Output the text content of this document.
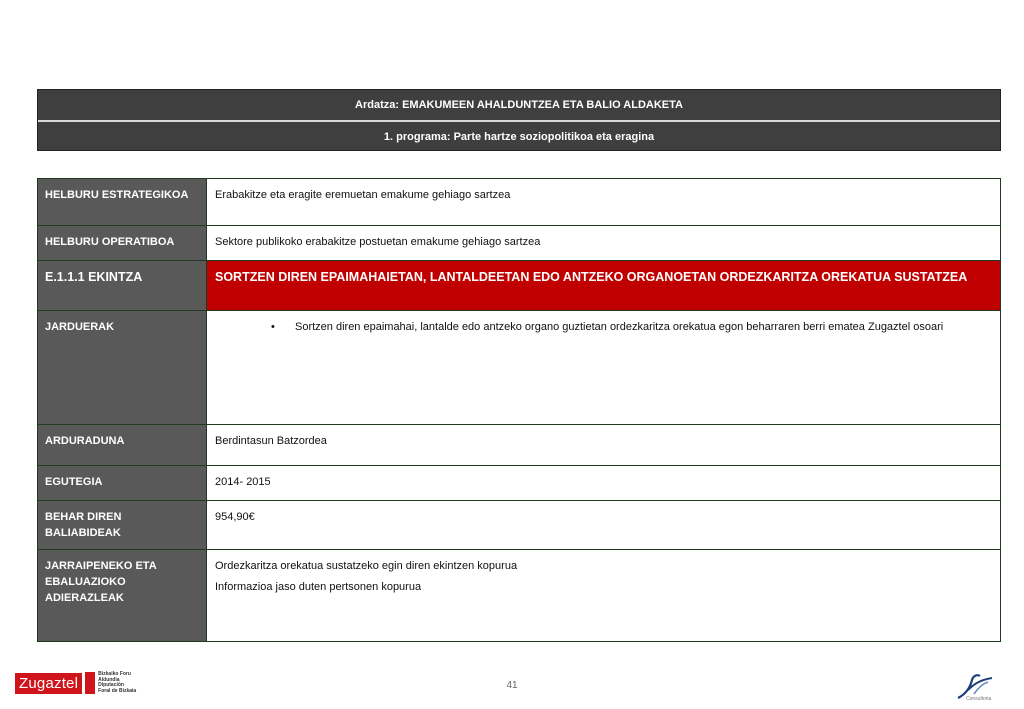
Ardatza: EMAKUMEEN AHALDUNTZEA ETA BALIO ALDAKETA
1. programa: Parte hartze soziopolitikoa eta eragina
HELBURU ESTRATEGIKOA	Erabakitze eta eragite eremuetan emakume gehiago sartzea
HELBURU OPERATIBOA	Sektore publikoko erabakitze postuetan emakume gehiago sartzea
E.1.1.1 EKINTZA	SORTZEN DIREN EPAIMAHAIETAN, LANTALDEETAN EDO ANTZEKO ORGANOETAN ORDEZKARITZA OREKATUA SUSTATZEA
JARDUERAK	• Sortzen diren epaimahai, lantalde edo antzeko organo guztietan ordezkaritza orekatua egon beharraren berri ematea Zugaztel osoari

ARDURADUNA	Berdintasun Batzordea
EGUTEGIA	2014- 2015
BEHAR DIREN BALIABIDEAK	954,90€
JARRAIPENEKO ETA EBALUAZIOKO ADIERAZLEAK	Ordezkaritza orekatua sustatzeko egin diren ekintzen kopurua
Informazioa jaso duten pertsonen kopurua
Zugaztel
Bizkaiko Foru
Aldundia
Diputación
Foral de Bizkaia	41
Consultoria
